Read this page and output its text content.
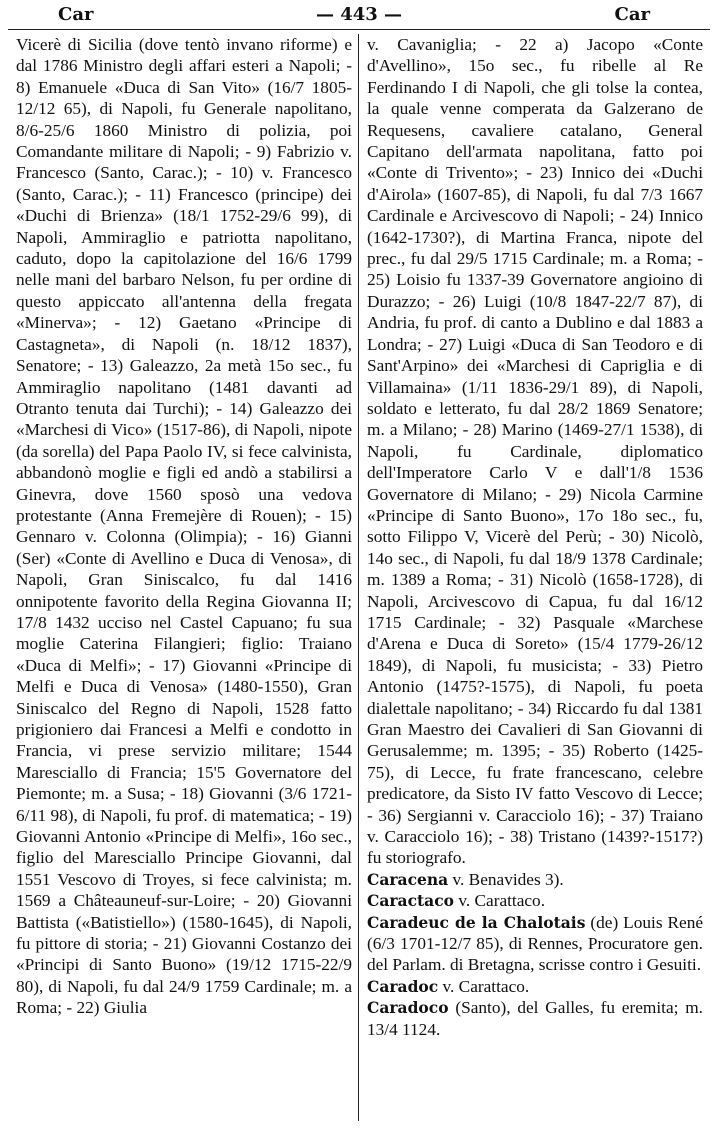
Car	— 443 —	Car

Vicerè di Sicilia (dove tentò invano riforme) e dal 1786 Ministro degli affari esteri a Napoli; - 8) Emanuele «Duca di San Vito» (16/7 1805-12/12 65), di Napoli, fu Generale napolitano, 8/6-25/6 1860 Ministro di polizia, poi Comandante militare di Napoli; - 9) Fabrizio v. Francesco (Santo, Carac.); - 10) v. Francesco (Santo, Carac.); - 11) Francesco (principe) dei «Duchi di Brienza» (18/1 1752-29/6 99), di Napoli, Ammiraglio e patriotta napolitano, caduto, dopo la capitolazione del 16/6 1799 nelle mani del barbaro Nelson, fu per ordine di questo appiccato all'antenna della fregata «Minerva»; - 12) Gaetano «Principe di Castagneta», di Napoli (n. 18/12 1837), Senatore; - 13) Galeazzo, 2a metà 15o sec., fu Ammiraglio napolitano (1481 davanti ad Otranto tenuta dai Turchi); - 14) Galeazzo dei «Marchesi di Vico» (1517-86), di Napoli, nipote (da sorella) del Papa Paolo IV, si fece calvinista, abbandonò moglie e figli ed andò a stabilirsi a Ginevra, dove 1560 sposò una vedova protestante (Anna Fremejère di Rouen); - 15) Gennaro v. Colonna (Olimpia); - 16) Gianni (Ser) «Conte di Avellino e Duca di Venosa», di Napoli, Gran Siniscalco, fu dal 1416 onnipotente favorito della Regina Giovanna II; 17/8 1432 ucciso nel Castel Capuano; fu sua moglie Caterina Filangieri; figlio: Traiano «Duca di Melfi»; - 17) Giovanni «Principe di Melfi e Duca di Venosa» (1480-1550), Gran Siniscalco del Regno di Napoli, 1528 fatto prigioniero dai Francesi a Melfi e condotto in Francia, vi prese servizio militare; 1544 Maresciallo di Francia; 15'5 Governatore del Piemonte; m. a Susa; - 18) Giovanni (3/6 1721-6/11 98), di Napoli, fu prof. di matematica; - 19) Giovanni Antonio «Principe di Melfi», 16o sec., figlio del Maresciallo Principe Giovanni, dal 1551 Vescovo di Troyes, si fece calvinista; m. 1569 a Châteauneuf-sur-Loire; - 20) Giovanni Battista («Batistiello») (1580-1645), di Napoli, fu pittore di storia; - 21) Giovanni Costanzo dei «Principi di Santo Buono» (19/12 1715-22/9 80), di Napoli, fu dal 24/9 1759 Cardinale; m. a Roma; - 22) Giulia

v. Cavaniglia; - 22 a) Jacopo «Conte d'Avellino», 15o sec., fu ribelle al Re Ferdinando I di Napoli, che gli tolse la contea, la quale venne comperata da Galzerano de Requesens, cavaliere catalano, General Capitano dell'armata napolitana, fatto poi «Conte di Trivento»; - 23) Innico dei «Duchi d'Airola» (1607-85), di Napoli, fu dal 7/3 1667 Cardinale e Arcivescovo di Napoli; - 24) Innico (1642-1730?), di Martina Franca, nipote del prec., fu dal 29/5 1715 Cardinale; m. a Roma; - 25) Loisio fu 1337-39 Governatore angioino di Durazzo; - 26) Luigi (10/8 1847-22/7 87), di Andria, fu prof. di canto a Dublino e dal 1883 a Londra; - 27) Luigi «Duca di San Teodoro e di Sant'Arpino» dei «Marchesi di Capriglia e di Villamaina» (1/11 1836-29/1 89), di Napoli, soldato e letterato, fu dal 28/2 1869 Senatore; m. a Milano; - 28) Marino (1469-27/1 1538), di Napoli, fu Cardinale, diplomatico dell'Imperatore Carlo V e dall'1/8 1536 Governatore di Milano; - 29) Nicola Carmine «Principe di Santo Buono», 17o 18o sec., fu, sotto Filippo V, Vicerè del Perù; - 30) Nicolò, 14o sec., di Napoli, fu dal 18/9 1378 Cardinale; m. 1389 a Roma; - 31) Nicolò (1658-1728), di Napoli, Arcivescovo di Capua, fu dal 16/12 1715 Cardinale; - 32) Pasquale «Marchese d'Arena e Duca di Soreto» (15/4 1779-26/12 1849), di Napoli, fu musicista; - 33) Pietro Antonio (1475?-1575), di Napoli, fu poeta dialettale napolitano; - 34) Riccardo fu dal 1381 Gran Maestro dei Cavalieri di San Giovanni di Gerusalemme; m. 1395; - 35) Roberto (1425-75), di Lecce, fu frate francescano, celebre predicatore, da Sisto IV fatto Vescovo di Lecce; - 36) Sergianni v. Caracciolo 16); - 37) Traiano v. Caracciolo 16); - 38) Tristano (1439?-1517?) fu storiografo.

Caracena v. Benavides 3).

Caractaco v. Carattaco.

Caradeuc de la Chalotais (de) Louis René (6/3 1701-12/7 85), di Rennes, Procuratore gen. del Parlam. di Bretagna, scrisse contro i Gesuiti.

Caradoc v. Carattaco.

Caradoco (Santo), del Galles, fu eremita; m. 13/4 1124.
